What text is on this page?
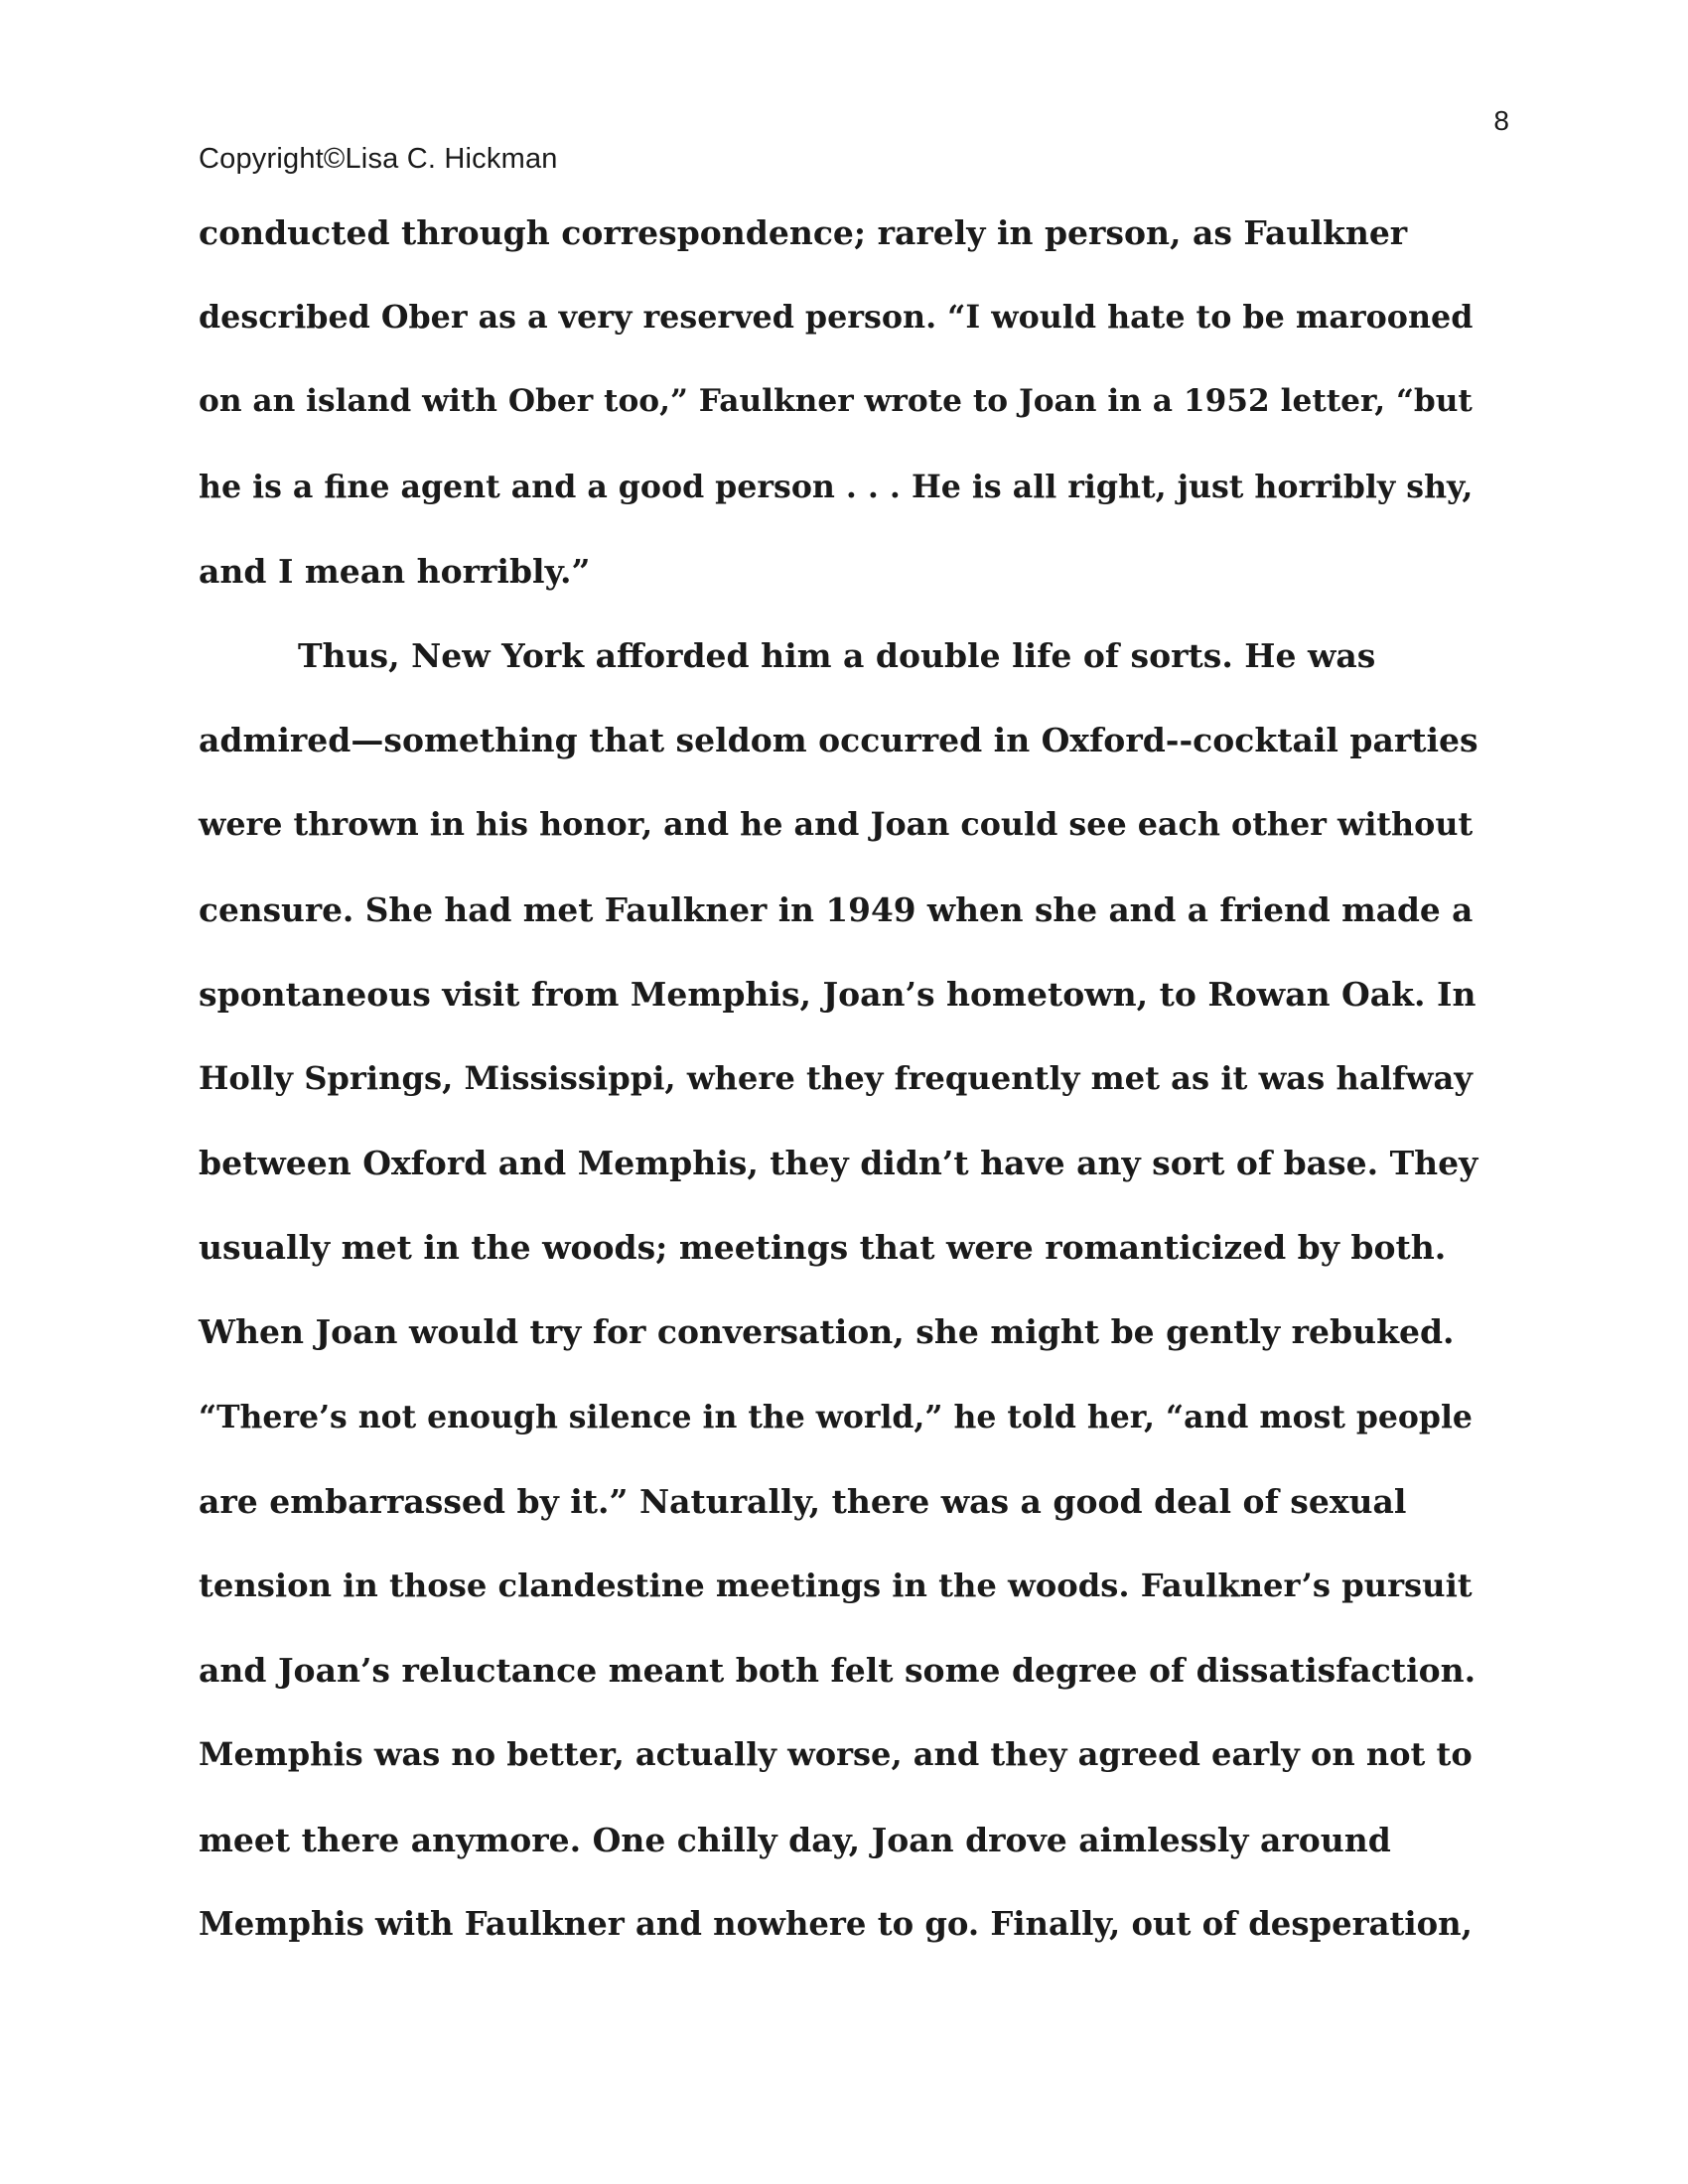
8
Copyright©Lisa C. Hickman
conducted through correspondence; rarely in person, as Faulkner
described Ober as a very reserved person. “I would hate to be marooned
on an island with Ober too,” Faulkner wrote to Joan in a 1952 letter, “but
he is a fine agent and a good person . . . He is all right, just horribly shy,
and I mean horribly.”
Thus, New York afforded him a double life of sorts. He was
admired—something that seldom occurred in Oxford--cocktail parties
were thrown in his honor, and he and Joan could see each other without
censure. She had met Faulkner in 1949 when she and a friend made a
spontaneous visit from Memphis, Joan’s hometown, to Rowan Oak. In
Holly Springs, Mississippi, where they frequently met as it was halfway
between Oxford and Memphis, they didn’t have any sort of base. They
usually met in the woods; meetings that were romanticized by both.
When Joan would try for conversation, she might be gently rebuked.
“There’s not enough silence in the world,” he told her, “and most people
are embarrassed by it.” Naturally, there was a good deal of sexual
tension in those clandestine meetings in the woods. Faulkner’s pursuit
and Joan’s reluctance meant both felt some degree of dissatisfaction.
Memphis was no better, actually worse, and they agreed early on not to
meet there anymore. One chilly day, Joan drove aimlessly around
Memphis with Faulkner and nowhere to go. Finally, out of desperation,
